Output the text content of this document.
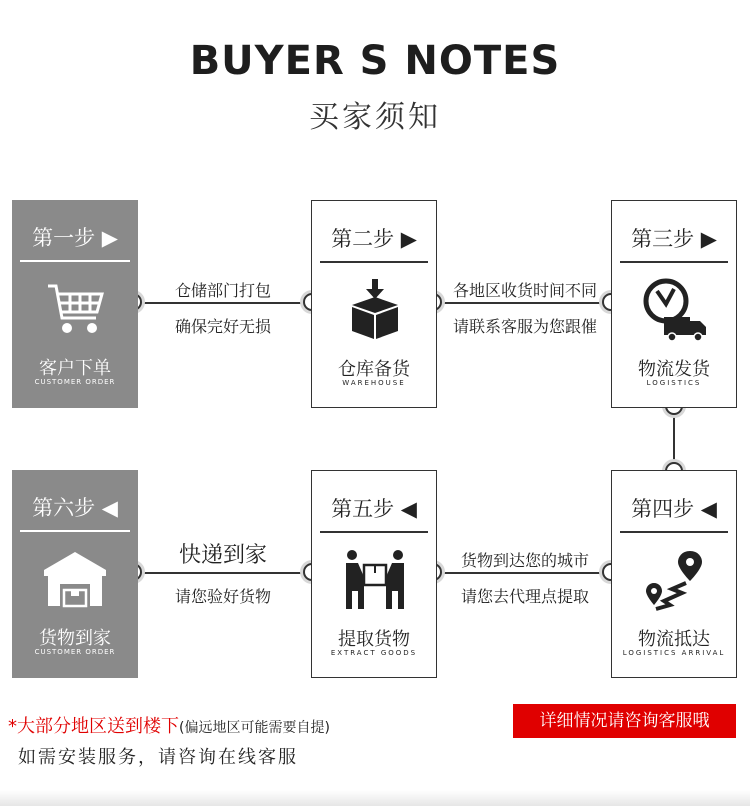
BUYER S NOTES
买家须知
仓储部门打包
确保完好无损
各地区收货时间不同
请联系客服为您跟催
货物到达您的城市
请您去代理点提取
快递到家
请您验好货物
第一步 ▶
客户下单
CUSTOMER ORDER
第二步 ▶
仓库备货
WAREHOUSE
第三步 ▶
物流发货
LOGISTICS
第四步 ◀
物流抵达
LOGISTICS ARRIVAL
第五步 ◀
提取货物
EXTRACT GOODS
第六步 ◀
货物到家
CUSTOMER ORDER
*大部分地区送到楼下(偏远地区可能需要自提)
如需安装服务，请咨询在线客服
详细情况请咨询客服哦
